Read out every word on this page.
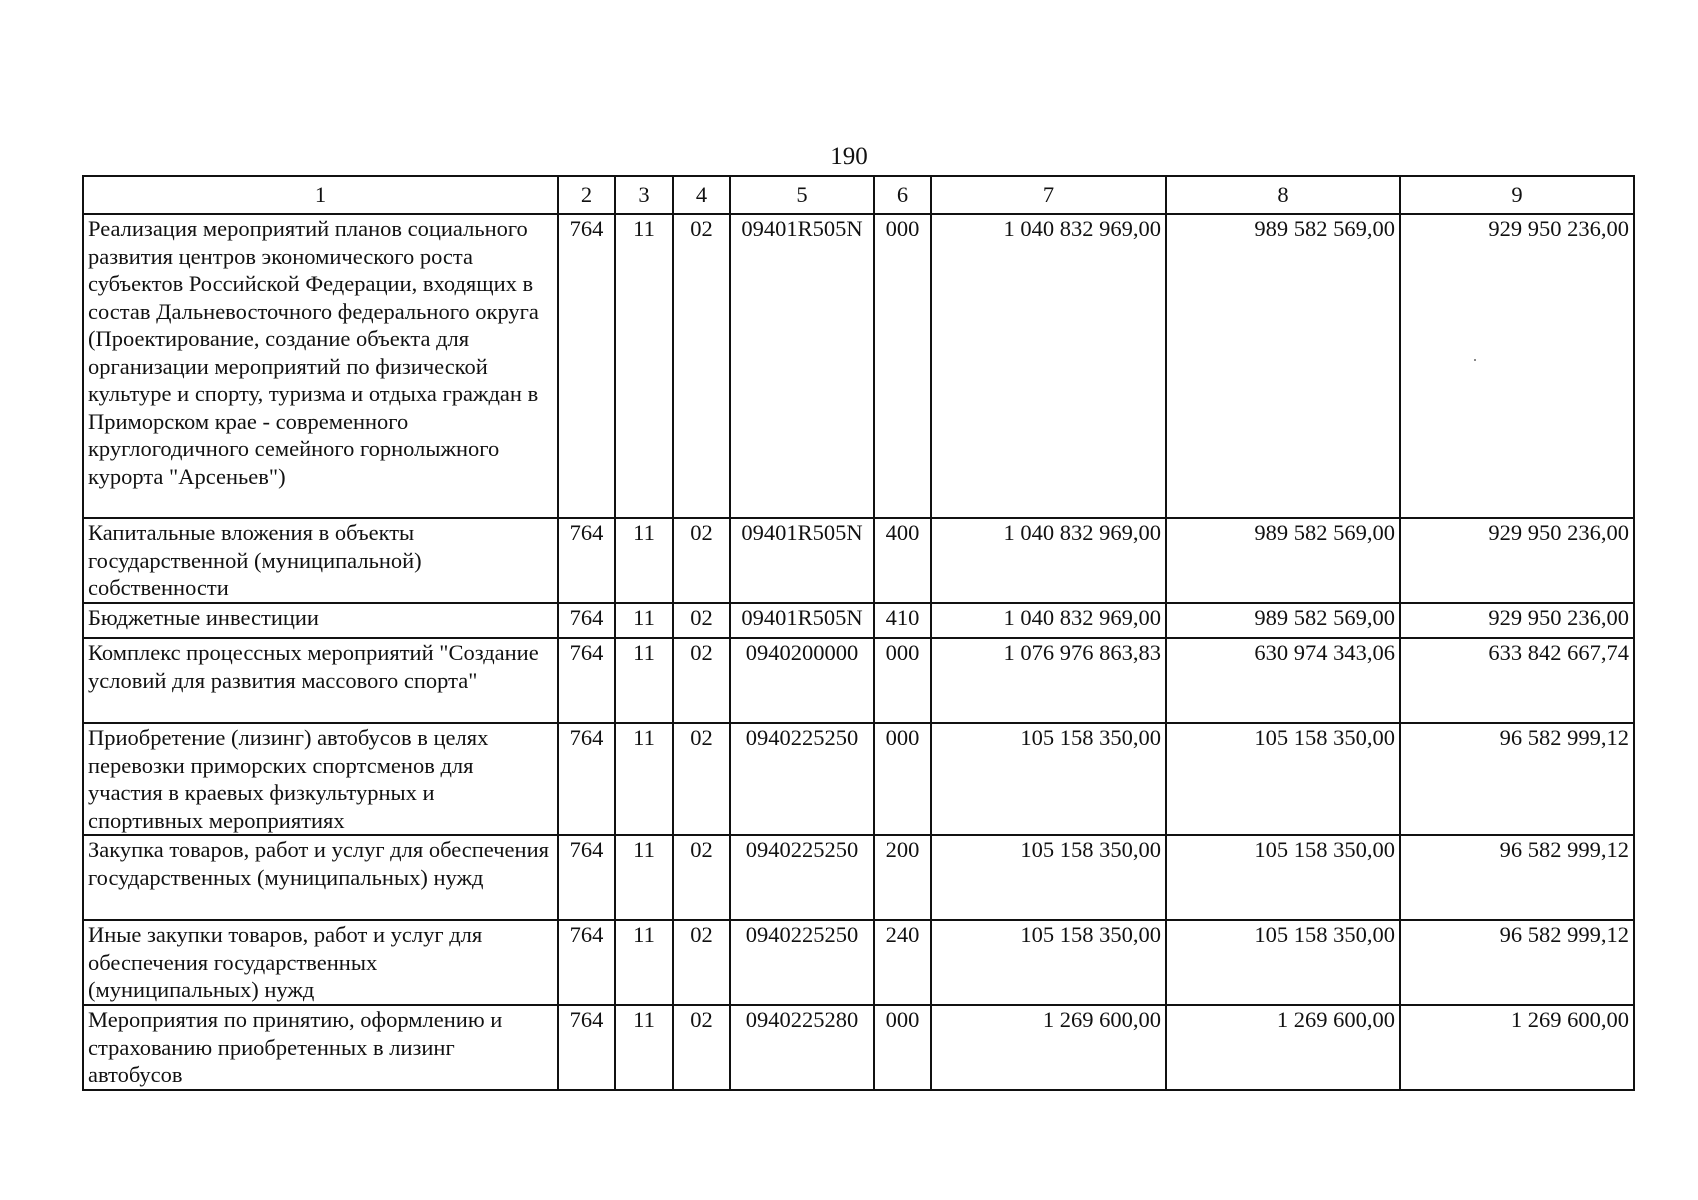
190
1	2	3	4	5	6	7	8	9
Реализация мероприятий планов социального развития центров экономического роста субъектов Российской Федерации, входящих в состав Дальневосточного федерального округа (Проектирование, создание объекта для организации мероприятий по физической культуре и спорту, туризма и отдыха граждан в Приморском крае - современного круглогодичного семейного горнолыжного курорта "Арсеньев")	764	11	02	09401R505N	000	1 040 832 969,00	989 582 569,00	929 950 236,00
Капитальные вложения в объекты государственной (муниципальной) собственности	764	11	02	09401R505N	400	1 040 832 969,00	989 582 569,00	929 950 236,00
Бюджетные инвестиции	764	11	02	09401R505N	410	1 040 832 969,00	989 582 569,00	929 950 236,00
Комплекс процессных мероприятий "Создание условий для развития массового спорта"	764	11	02	0940200000	000	1 076 976 863,83	630 974 343,06	633 842 667,74
Приобретение (лизинг) автобусов в целях перевозки приморских спортсменов для участия в краевых физкультурных и спортивных мероприятиях	764	11	02	0940225250	000	105 158 350,00	105 158 350,00	96 582 999,12
Закупка товаров, работ и услуг для обеспечения государственных (муниципальных) нужд	764	11	02	0940225250	200	105 158 350,00	105 158 350,00	96 582 999,12
Иные закупки товаров, работ и услуг для обеспечения государственных (муниципальных) нужд	764	11	02	0940225250	240	105 158 350,00	105 158 350,00	96 582 999,12
Мероприятия по принятию, оформлению и страхованию приобретенных в лизинг автобусов	764	11	02	0940225280	000	1 269 600,00	1 269 600,00	1 269 600,00
